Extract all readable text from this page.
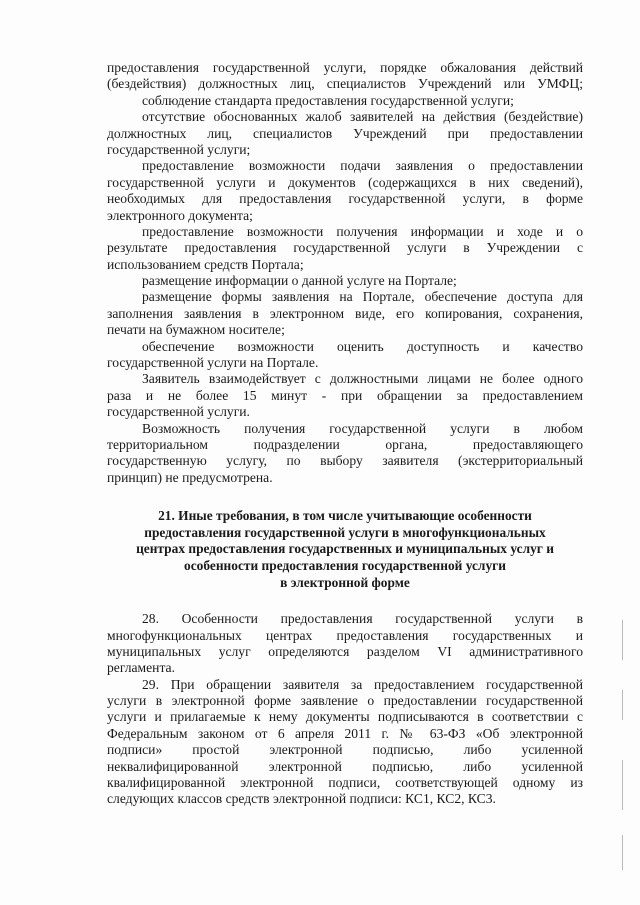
предоставления государственной услуги, порядке обжалования действий
(бездействия) должностных лиц, специалистов Учреждений или УМФЦ;
соблюдение стандарта предоставления государственной услуги;
отсутствие обоснованных жалоб заявителей на действия (бездействие)
должностных лиц, специалистов Учреждений при предоставлении
государственной услуги;
предоставление возможности подачи заявления о предоставлении
государственной услуги и документов (содержащихся в них сведений),
необходимых для предоставления государственной услуги, в форме
электронного документа;
предоставление возможности получения информации и ходе и о
результате предоставления государственной услуги в Учреждении с
использованием средств Портала;
размещение информации о данной услуге на Портале;
размещение формы заявления на Портале, обеспечение доступа для
заполнения заявления в электронном виде, его копирования, сохранения,
печати на бумажном носителе;
обеспечение возможности оценить доступность и качество
государственной услуги на Портале.
Заявитель взаимодействует с должностными лицами не более одного
раза и не более 15 минут - при обращении за предоставлением
государственной услуги.
Возможность получения государственной услуги в любом
территориальном подразделении органа, предоставляющего
государственную услугу, по выбору заявителя (экстерриториальный
принцип) не предусмотрена.
21. Иные требования, в том числе учитывающие особенности
предоставления государственной услуги в многофункциональных
центрах предоставления государственных и муниципальных услуг и
особенности предоставления государственной услуги
в электронной форме
28. Особенности предоставления государственной услуги в
многофункциональных центрах предоставления государственных и
муниципальных услуг определяются разделом VI административного
регламента.
29. При обращении заявителя за предоставлением государственной
услуги в электронной форме заявление о предоставлении государственной
услуги и прилагаемые к нему документы подписываются в соответствии с
Федеральным законом от 6 апреля 2011 г. № 63-ФЗ «Об электронной
подписи» простой электронной подписью, либо усиленной
неквалифицированной электронной подписью, либо усиленной
квалифицированной электронной подписи, соответствующей одному из
следующих классов средств электронной подписи: КС1, КС2, КС3.
